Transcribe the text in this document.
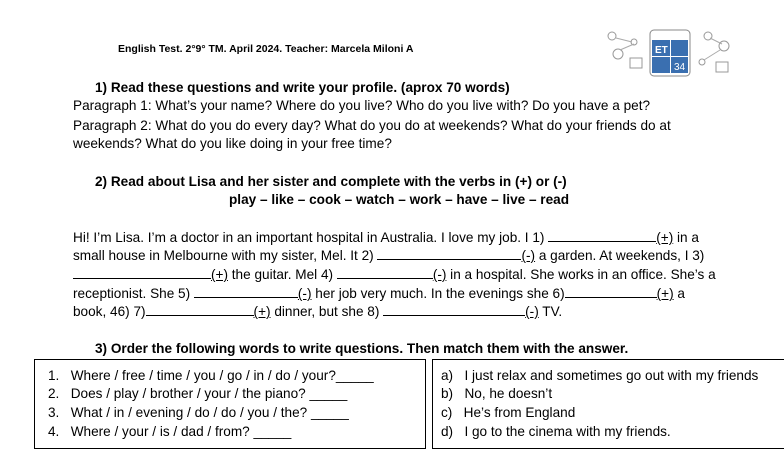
English Test. 2°9° TM. April 2024. Teacher: Marcela Miloni A	ET
34
1) Read these questions and write your profile. (aprox 70 words)
Paragraph 1: What’s your name? Where do you live? Who do you live with? Do you have a pet?
Paragraph 2: What do you do every day? What do you do at weekends? What do your friends do at
weekends? What do you like doing in your free time?
2) Read about Lisa and her sister and complete with the verbs in (+) or (-)
play – like – cook – watch – work – have – live – read
Hi! I’m Lisa. I’m a doctor in an important hospital in Australia. I love my job. I 1)	(+) in a
small house in Melbourne with my sister, Mel. It 2)	(-) a garden. At weekends, I 3)
(+) the guitar. Mel 4)	(-) in a hospital. She works in an office. She’s a
receptionist. She 5)	(-) her job very much. In the evenings she 6)	(+) a
book, 46) 7)	(+) dinner, but she 8)	(-) TV.
3) Order the following words to write questions. Then match them with the answer.
1. Where / free / time / you / go / in / do / your?_____
2. Does / play / brother / your / the piano? _____
3. What / in / evening / do / do / you / the? _____
4. Where / your / is / dad / from? _____
a) I just relax and sometimes go out with my friends
b) No, he doesn’t
c) He’s from England
d) I go to the cinema with my friends.
